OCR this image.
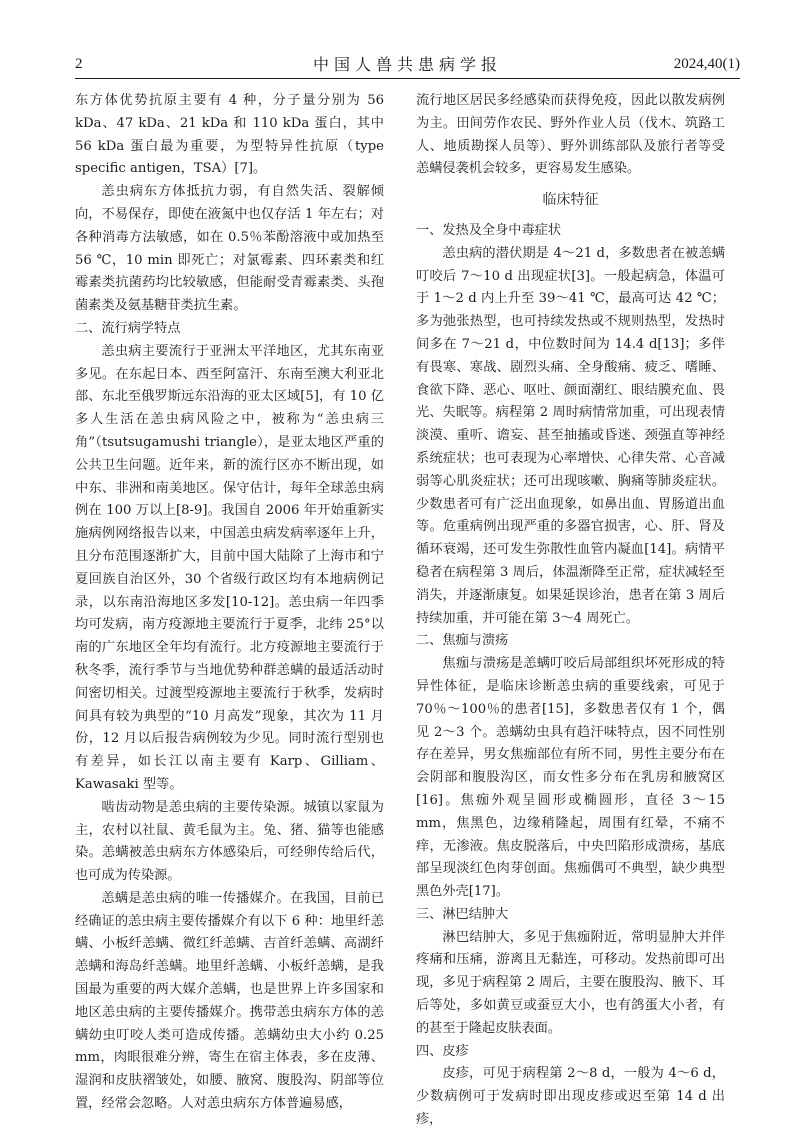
2	中国人兽共患病学报	2024,40(1)

东方体优势抗原主要有 4 种，分子量分别为 56 kDa、47 kDa、21 kDa 和 110 kDa 蛋白，其中 56 kDa 蛋白最为重要，为型特异性抗原（type specific antigen，TSA）[7]。

恙虫病东方体抵抗力弱，有自然失活、裂解倾向，不易保存，即使在液氮中也仅存活 1 年左右；对各种消毒方法敏感，如在 0.5％苯酚溶液中或加热至 56 ℃，10 min 即死亡；对氯霉素、四环素类和红霉素类抗菌药均比较敏感，但能耐受青霉素类、头孢菌素类及氨基糖苷类抗生素。

二、流行病学特点

恙虫病主要流行于亚洲太平洋地区，尤其东南亚多见。在东起日本、西至阿富汗、东南至澳大利亚北部、东北至俄罗斯远东沿海的亚太区域[5]，有 10 亿多人生活在恙虫病风险之中，被称为“恙虫病三角”（tsutsugamushi triangle），是亚太地区严重的公共卫生问题。近年来，新的流行区亦不断出现，如中东、非洲和南美地区。保守估计，每年全球恙虫病例在 100 万以上[8-9]。我国自 2006 年开始重新实施病例网络报告以来，中国恙虫病发病率逐年上升，且分布范围逐渐扩大，目前中国大陆除了上海市和宁夏回族自治区外，30 个省级行政区均有本地病例记录，以东南沿海地区多发[10-12]。恙虫病一年四季均可发病，南方疫源地主要流行于夏季，北纬 25°以南的广东地区全年均有流行。北方疫源地主要流行于秋冬季，流行季节与当地优势种群恙螨的最适活动时间密切相关。过渡型疫源地主要流行于秋季，发病时间具有较为典型的“10 月高发”现象，其次为 11 月份，12 月以后报告病例较为少见。同时流行型别也有差异，如长江以南主要有 Karp、Gilliam、Kawasaki 型等。

啮齿动物是恙虫病的主要传染源。城镇以家鼠为主，农村以社鼠、黄毛鼠为主。兔、猪、猫等也能感染。恙螨被恙虫病东方体感染后，可经卵传给后代，也可成为传染源。

恙螨是恙虫病的唯一传播媒介。在我国，目前已经确证的恙虫病主要传播媒介有以下 6 种：地里纤恙螨、小板纤恙螨、微红纤恙螨、吉首纤恙螨、高湖纤恙螨和海岛纤恙螨。地里纤恙螨、小板纤恙螨，是我国最为重要的两大媒介恙螨，也是世界上许多国家和地区恙虫病的主要传播媒介。携带恙虫病东方体的恙螨幼虫叮咬人类可造成传播。恙螨幼虫大小约 0.25 mm，肉眼很难分辨，寄生在宿主体表，多在皮薄、湿润和皮肤褶皱处，如腰、腋窝、腹股沟、阴部等位置，经常会忽略。人对恙虫病东方体普遍易感，

流行地区居民多经感染而获得免疫，因此以散发病例为主。田间劳作农民、野外作业人员（伐木、筑路工人、地质勘探人员等）、野外训练部队及旅行者等受恙螨侵袭机会较多，更容易发生感染。

临床特征
一、发热及全身中毒症状

恙虫病的潜伏期是 4～21 d，多数患者在被恙螨叮咬后 7～10 d 出现症状[3]。一般起病急，体温可于 1～2 d 内上升至 39～41 ℃，最高可达 42 ℃；多为弛张热型，也可持续发热或不规则热型，发热时间多在 7～21 d，中位数时间为 14.4 d[13]；多伴有畏寒、寒战、剧烈头痛、全身酸痛、疲乏、嗜睡、食欲下降、恶心、呕吐、颜面潮红、眼结膜充血、畏光、失眠等。病程第 2 周时病情常加重，可出现表情淡漠、重听、谵妄、甚至抽搐或昏迷、颈强直等神经系统症状；也可表现为心率增快、心律失常、心音减弱等心肌炎症状；还可出现咳嗽、胸痛等肺炎症状。少数患者可有广泛出血现象，如鼻出血、胃肠道出血等。危重病例出现严重的多器官损害，心、肝、肾及循环衰竭，还可发生弥散性血管内凝血[14]。病情平稳者在病程第 3 周后，体温渐降至正常，症状减轻至消失，并逐渐康复。如果延误诊治，患者在第 3 周后持续加重，并可能在第 3～4 周死亡。

二、焦痂与溃疡

焦痂与溃疡是恙螨叮咬后局部组织坏死形成的特异性体征，是临床诊断恙虫病的重要线索，可见于 70％～100％的患者[15]，多数患者仅有 1 个，偶见 2～3 个。恙螨幼虫具有趋汗味特点，因不同性别存在差异，男女焦痂部位有所不同，男性主要分布在会阴部和腹股沟区，而女性多分布在乳房和腋窝区[16]。焦痂外观呈圆形或椭圆形，直径 3～15 mm，焦黑色，边缘稍隆起，周围有红晕，不痛不痒，无渗液。焦皮脱落后，中央凹陷形成溃疡，基底部呈现淡红色肉芽创面。焦痂偶可不典型，缺少典型黑色外壳[17]。

三、淋巴结肿大

淋巴结肿大，多见于焦痂附近，常明显肿大并伴疼痛和压痛，游离且无黏连，可移动。发热前即可出现，多见于病程第 2 周后，主要在腹股沟、腋下、耳后等处，多如黄豆或蚕豆大小，也有鸽蛋大小者，有的甚至于隆起皮肤表面。

四、皮疹

皮疹，可见于病程第 2～8 d，一般为 4～6 d，少数病例可于发病时即出现皮疹或迟至第 14 d 出疹，
